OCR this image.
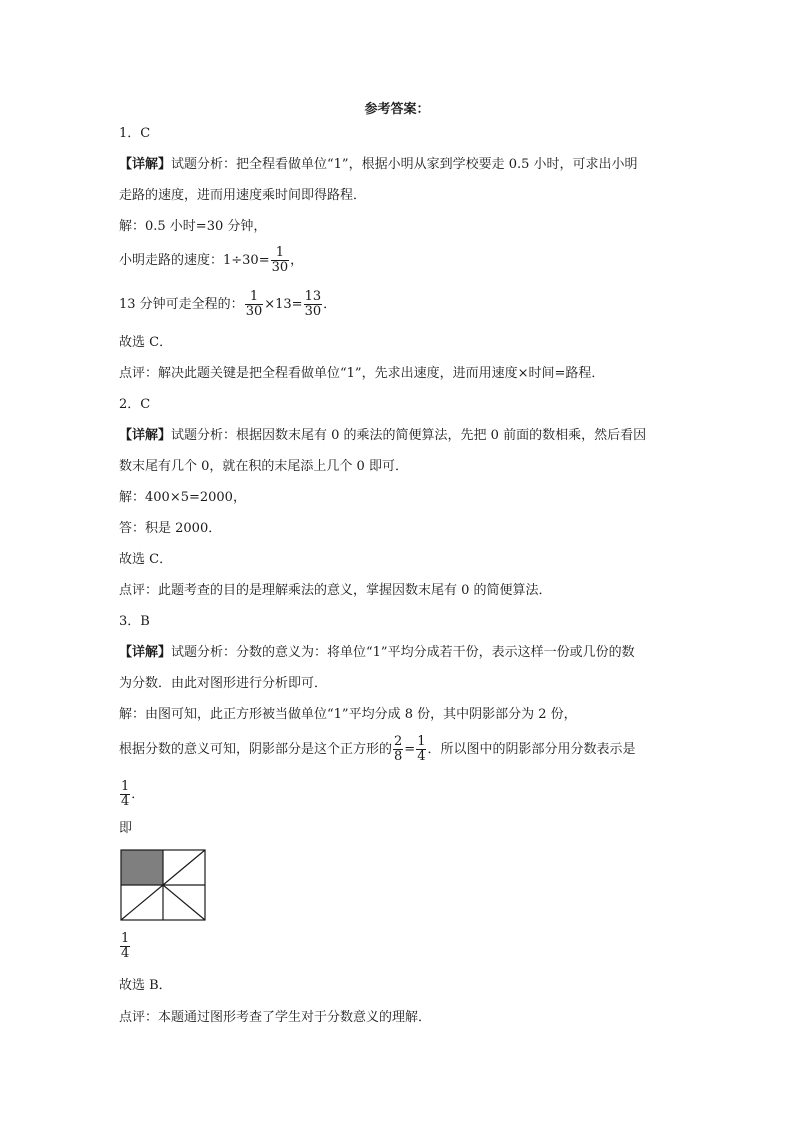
参考答案：
1．C
【详解】试题分析：把全程看做单位“1”，根据小明从家到学校要走 0.5 小时，可求出小明
走路的速度，进而用速度乘时间即得路程．
解：0.5 小时=30 分钟，
小明走路的速度：$1\div 30= \frac{1}{30}$ ，
13 分钟可走全程的： $\frac{1}{30} \times 13= \frac{13}{30}$ ．
故选 C．
点评：解决此题关键是把全程看做单位“1”，先求出速度，进而用速度×时间=路程．
2．C
【详解】试题分析：根据因数末尾有 0 的乘法的简便算法，先把 0 前面的数相乘，然后看因
数末尾有几个 0，就在积的末尾添上几个 0 即可．
解：400×5=2000，
答：积是 2000．
故选 C．
点评：此题考查的目的是理解乘法的意义，掌握因数末尾有 0 的简便算法．
3．B
【详解】试题分析：分数的意义为：将单位“1”平均分成若干份，表示这样一份或几份的数
为分数．由此对图形进行分析即可．
解：由图可知，此正方形被当做单位“1”平均分成 8 份，其中阴影部分为 2 份，
根据分数的意义可知，阴影部分是这个正方形的 $\frac{2}{8} = \frac{1}{4}$ ．所以图中的阴影部分用分数表示是
$\frac{1}{4}$ ．
即
$\frac{1}{4}$
故选 B．
点评：本题通过图形考查了学生对于分数意义的理解．
